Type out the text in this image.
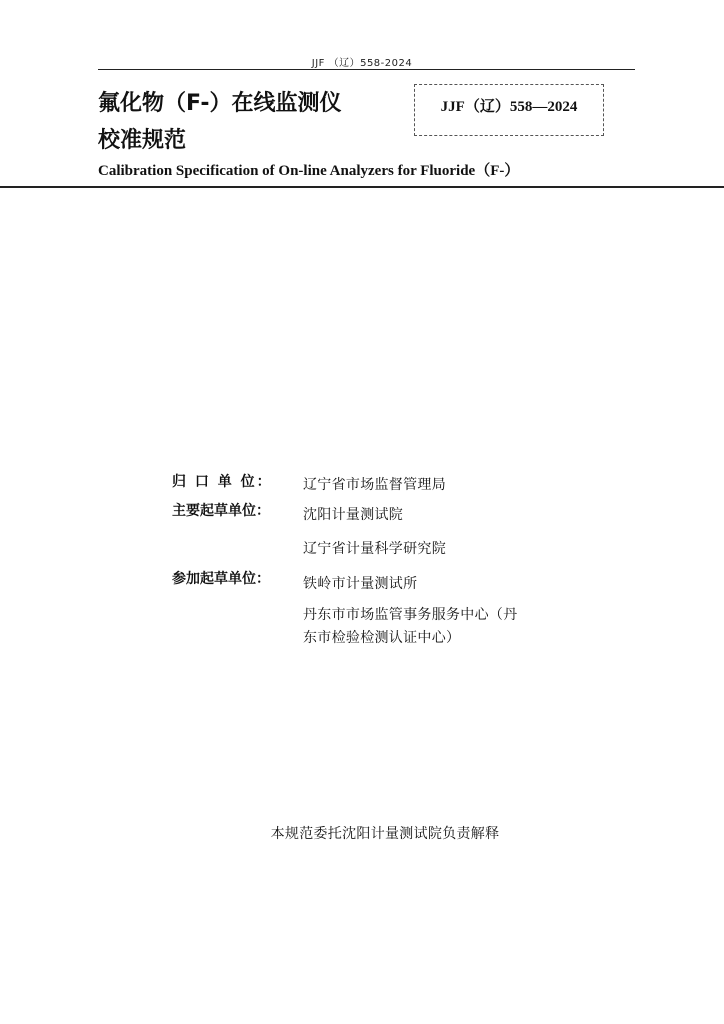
JJF （辽）558-2024
氟化物（F-）在线监测仪
校准规范
JJF（辽）558—2024
Calibration Specification of On-line Analyzers for Fluoride（F-）
归 口 单 位： 辽宁省市场监督管理局
主要起草单位： 沈阳计量测试院
辽宁省计量科学研究院
参加起草单位： 铁岭市计量测试所
丹东市市场监管事务服务中心（丹
东市检验检测认证中心）
本规范委托沈阳计量测试院负责解释
